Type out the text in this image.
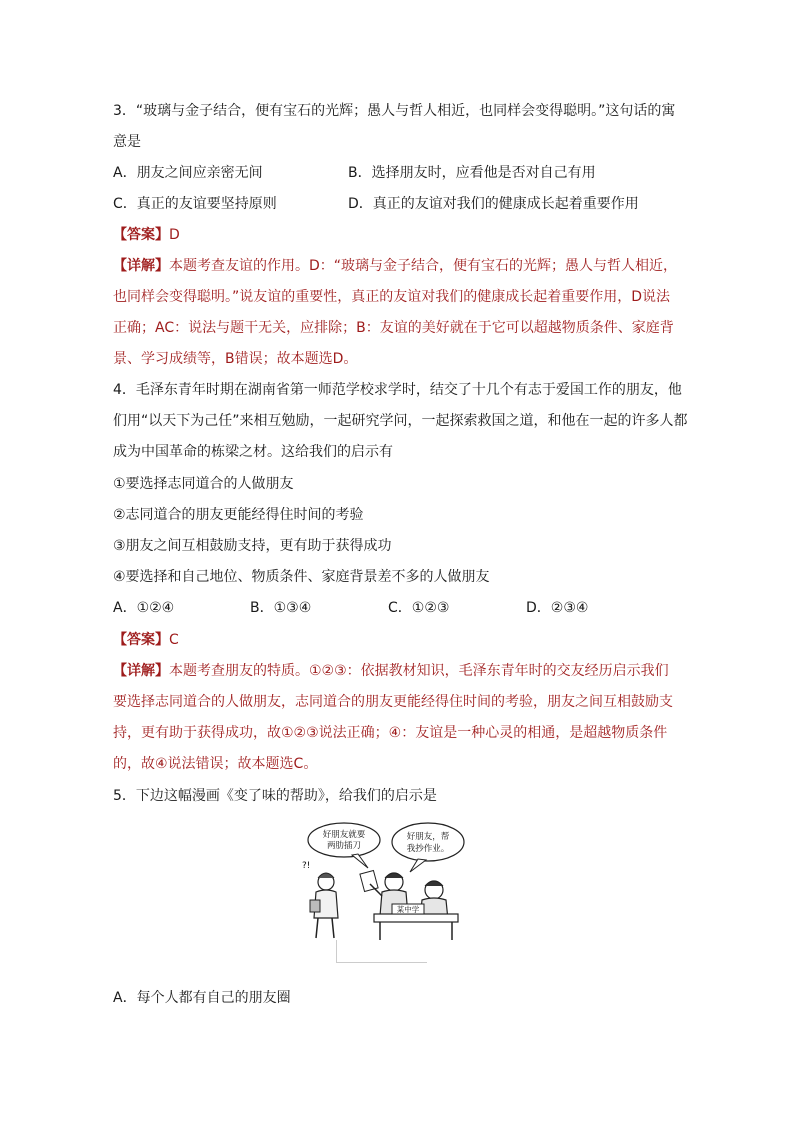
3．“玻璃与金子结合，便有宝石的光辉；愚人与哲人相近，也同样会变得聪明。”这句话的寓
意是
A．朋友之间应亲密无间	B．选择朋友时，应看他是否对自己有用
C．真正的友谊要坚持原则	D．真正的友谊对我们的健康成长起着重要作用
【答案】D
【详解】本题考查友谊的作用。D：“玻璃与金子结合，便有宝石的光辉；愚人与哲人相近，
也同样会变得聪明。”说友谊的重要性，真正的友谊对我们的健康成长起着重要作用，D说法
正确；AC：说法与题干无关，应排除；B：友谊的美好就在于它可以超越物质条件、家庭背
景、学习成绩等，B错误；故本题选D。
4．毛泽东青年时期在湖南省第一师范学校求学时，结交了十几个有志于爱国工作的朋友，他
们用“以天下为己任”来相互勉励，一起研究学问，一起探索救国之道，和他在一起的许多人都
成为中国革命的栋梁之材。这给我们的启示有
①要选择志同道合的人做朋友
②志同道合的朋友更能经得住时间的考验
③朋友之间互相鼓励支持，更有助于获得成功
④要选择和自己地位、物质条件、家庭背景差不多的人做朋友
A．①②④	B．①③④	C．①②③	D．②③④
【答案】C
【详解】本题考查朋友的特质。①②③：依据教材知识，毛泽东青年时的交友经历启示我们
要选择志同道合的人做朋友，志同道合的朋友更能经得住时间的考验，朋友之间互相鼓励支
持，更有助于获得成功，故①②③说法正确；④：友谊是一种心灵的相通，是超越物质条件
的，故④说法错误；故本题选C。
5．下边这幅漫画《变了味的帮助》，给我们的启示是
好朋友就要
两肋插刀
好朋友，帮
我抄作业。
?!
某中学
A．每个人都有自己的朋友圈
